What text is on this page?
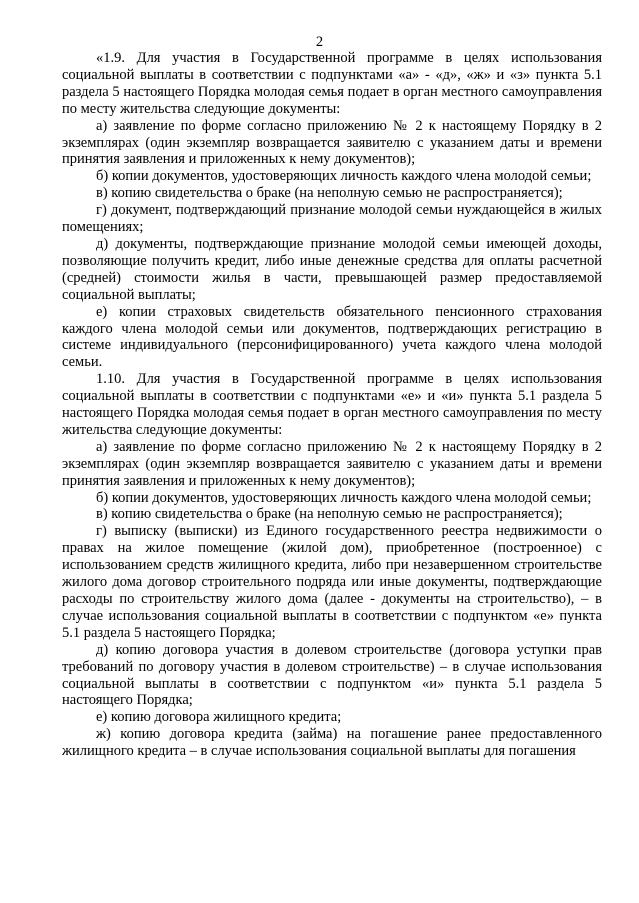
2

«1.9. Для участия в Государственной программе в целях использования социальной выплаты в соответствии с подпунктами «а» - «д», «ж» и «з» пункта 5.1 раздела 5 настоящего Порядка молодая семья подает в орган местного самоуправления по месту жительства следующие документы:

а) заявление по форме согласно приложению № 2 к настоящему Порядку в 2 экземплярах (один экземпляр возвращается заявителю с указанием даты и времени принятия заявления и приложенных к нему документов);

б) копии документов, удостоверяющих личность каждого члена молодой семьи;

в) копию свидетельства о браке (на неполную семью не распространяется);

г) документ, подтверждающий признание молодой семьи нуждающейся в жилых помещениях;

д) документы, подтверждающие признание молодой семьи имеющей доходы, позволяющие получить кредит, либо иные денежные средства для оплаты расчетной (средней) стоимости жилья в части, превышающей размер предоставляемой социальной выплаты;

е) копии страховых свидетельств обязательного пенсионного страхования каждого члена молодой семьи или документов, подтверждающих регистрацию в системе индивидуального (персонифицированного) учета каждого члена молодой семьи.

1.10. Для участия в Государственной программе в целях использования социальной выплаты в соответствии с подпунктами «е» и «и» пункта 5.1 раздела 5 настоящего Порядка молодая семья подает в орган местного самоуправления по месту жительства следующие документы:

а) заявление по форме согласно приложению № 2 к настоящему Порядку в 2 экземплярах (один экземпляр возвращается заявителю с указанием даты и времени принятия заявления и приложенных к нему документов);

б) копии документов, удостоверяющих личность каждого члена молодой семьи;

в) копию свидетельства о браке (на неполную семью не распространяется);

г) выписку (выписки) из Единого государственного реестра недвижимости о правах на жилое помещение (жилой дом), приобретенное (построенное) с использованием средств жилищного кредита, либо при незавершенном строительстве жилого дома договор строительного подряда или иные документы, подтверждающие расходы по строительству жилого дома (далее - документы на строительство), – в случае использования социальной выплаты в соответствии с подпунктом «е» пункта 5.1 раздела 5 настоящего Порядка;

д) копию договора участия в долевом строительстве (договора уступки прав требований по договору участия в долевом строительстве) – в случае использования социальной выплаты в соответствии с подпунктом «и» пункта 5.1 раздела 5 настоящего Порядка;

е) копию договора жилищного кредита;

ж) копию договора кредита (займа) на погашение ранее предоставленного жилищного кредита – в случае использования социальной выплаты для погашения
